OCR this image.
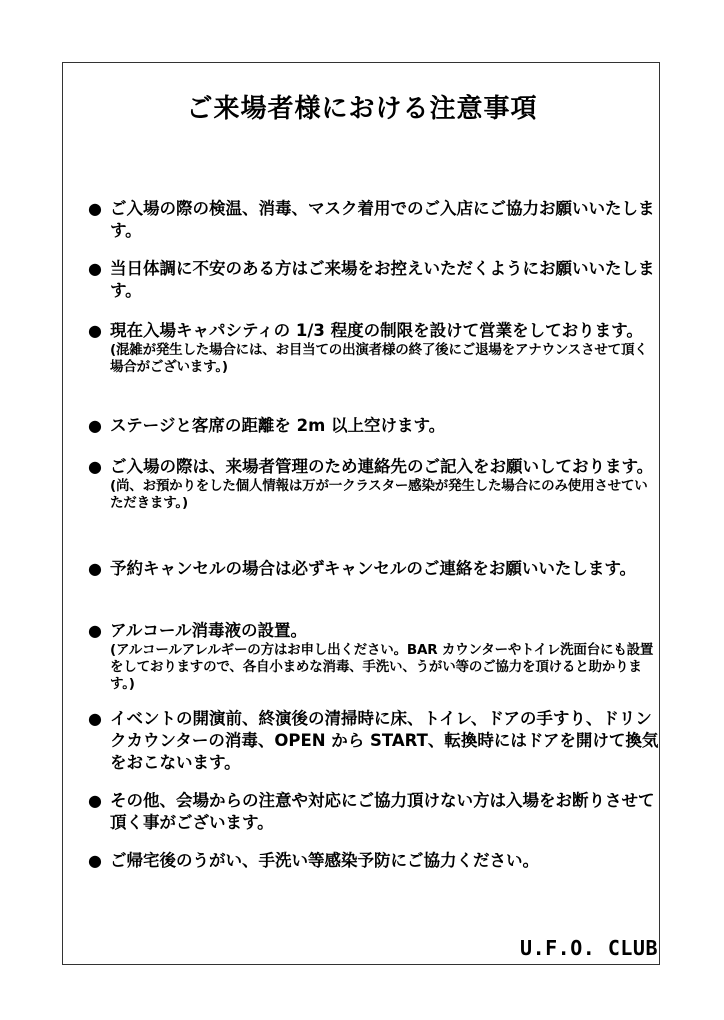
ご来場者様における注意事項
● ご入場の際の検温、消毒、マスク着用でのご入店にご協力お願いいたします。

● 当日体調に不安のある方はご来場をお控えいただくようにお願いいたします。

● 現在入場キャパシティの 1/3 程度の制限を設けて営業をしております。

(混雑が発生した場合には、お目当ての出演者様の終了後にご退場をアナウンスさせて頂く場合がございます。)

● ステージと客席の距離を 2m 以上空けます。

● ご入場の際は、来場者管理のため連絡先のご記入をお願いしております。

(尚、お預かりをした個人情報は万が一クラスター感染が発生した場合にのみ使用させていただきます。)

● 予約キャンセルの場合は必ずキャンセルのご連絡をお願いいたします。

● アルコール消毒液の設置。

(アルコールアレルギーの方はお申し出ください。BAR カウンターやトイレ洗面台にも設置をしておりますので、各自小まめな消毒、手洗い、うがい等のご協力を頂けると助かります。)

● イベントの開演前、終演後の清掃時に床、トイレ、ドアの手すり、ドリンクカウンターの消毒、OPEN から START、転換時にはドアを開けて換気をおこないます。

● その他、会場からの注意や対応にご協力頂けない方は入場をお断りさせて頂く事がございます。

● ご帰宅後のうがい、手洗い等感染予防にご協力ください。

U.F.O. CLUB
